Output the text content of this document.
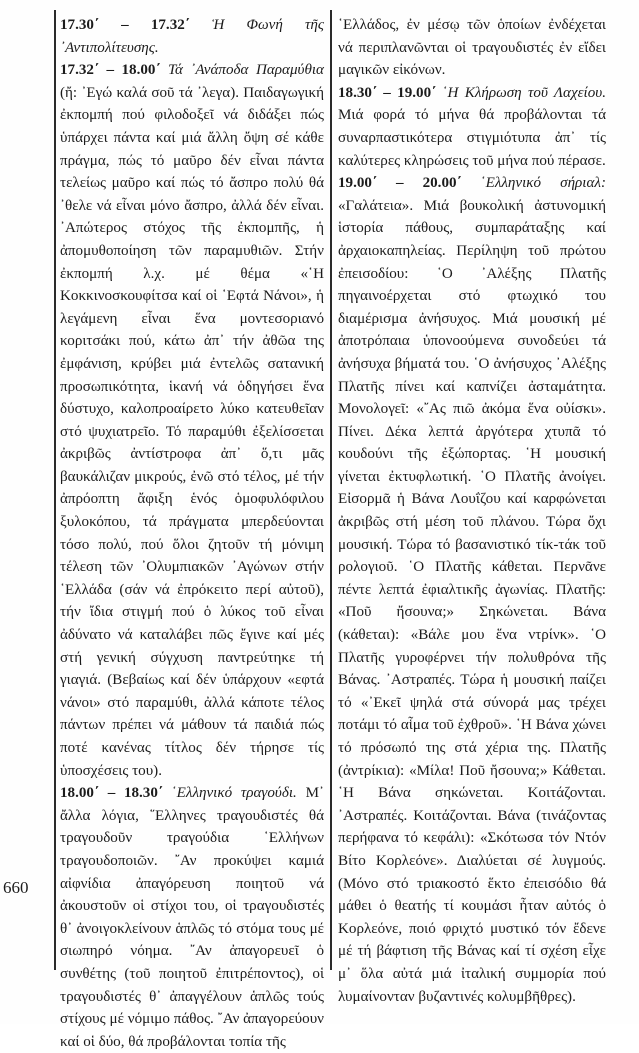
660

17.30΄ – 17.32΄ Ἡ Φωνή τῆς ᾿Αντιπολίτευσης.

17.32΄ – 18.00΄ Τά ᾿Ανάποδα Παραμύθια (ἤ: ᾿Εγώ καλά σοῦ τά ᾿λεγα). Παιδαγωγική ἐκπομπή πού φιλοδοξεῖ νά διδάξει πώς ὑπάρχει πάντα καί μιά ἄλλη ὄψη σέ κάθε πράγμα, πώς τό μαῦρο δέν εἶναι πάντα τελείως μαῦρο καί πώς τό ἄσπρο πολύ θά ᾿θελε νά εἶναι μόνο ἄσπρο, ἀλλά δέν εἶναι. ᾿Απώτερος στόχος τῆς ἐκπομπῆς, ἡ ἀπομυθοποίηση τῶν παραμυθιῶν. Στήν ἐκπομπή λ.χ. μέ θέμα «῾Η Κοκκινοσκουφίτσα καί οἱ ῾Εφτά Νάνοι», ἡ λεγάμενη εἶναι ἕνα μοντεσοριανό κοριτσάκι πού, κάτω ἀπ᾿ τήν ἀθῶα της ἐμφάνιση, κρύβει μιά ἐντελῶς σατανική προσωπικότητα, ἱκανή νά ὁδηγήσει ἕνα δύστυχο, καλοπροαίρετο λύκο κατευθεῖαν στό ψυχιατρεῖο. Τό παραμύθι ἐξελίσσεται ἀκριβῶς ἀντίστροφα ἀπ᾿ ὅ,τι μᾶς βαυκάλιζαν μικρούς, ἐνῶ στό τέλος, μέ τήν ἀπρόοπτη ἄφιξη ἑνός ὁμοφυλόφιλου ξυλοκόπου, τά πράγματα μπερδεύονται τόσο πολύ, πού ὅλοι ζητοῦν τή μόνιμη τέλεση τῶν ᾿Ολυμπιακῶν ᾿Αγώνων στήν ῾Ελλάδα (σάν νά ἐπρόκειτο περί αὐτοῦ), τήν ἴδια στιγμή πού ὁ λύκος τοῦ εἶναι ἀδύνατο νά καταλάβει πῶς ἔγινε καί μές στή γενική σύγχυση παντρεύτηκε τή γιαγιά. (Βεβαίως καί δέν ὑπάρχουν «εφτά νάνοι» στό παραμύθι, ἀλλά κάποτε τέλος πάντων πρέπει νά μάθουν τά παιδιά πώς ποτέ κανένας τίτλος δέν τήρησε τίς ὑποσχέσεις του).

18.00΄ – 18.30΄ ῾Ελληνικό τραγούδι. Μ᾿ ἄλλα λόγια, ῞Ελληνες τραγουδιστές θά τραγουδοῦν τραγούδια ῾Ελλήνων τραγουδοποιῶν. ῎Αν προκύψει καμιά αἰφνίδια ἀπαγόρευση ποιητοῦ νά ἀκουστοῦν οἱ στίχοι του, οἱ τραγουδιστές θ᾿ ἀνοιγοκλείνουν ἁπλῶς τό στόμα τους μέ σιωπηρό νόημα. ῎Αν ἀπαγορευεῖ ὁ συνθέτης (τοῦ ποιητοῦ ἐπιτρέποντος), οἱ τραγουδιστές θ᾿ ἀπαγγέλουν ἁπλῶς τούς στίχους μέ νόμιμο πάθος. ῎Αν ἀπαγορεύουν καί οἱ δύο, θά προβάλονται τοπία τῆς

῾Ελλάδος, ἐν μέσῳ τῶν ὁποίων ἐνδέχεται νά περιπλανῶνται οἱ τραγουδιστές ἐν εἴδει μαγικῶν εἰκόνων.

18.30΄ – 19.00΄ ῾Η Κλήρωση τοῦ Λαχείου. Μιά φορά τό μήνα θά προβάλονται τά συναρπαστικότερα στιγμιότυπα ἀπ᾿ τίς καλύτερες κληρώσεις τοῦ μήνα πού πέρασε.

19.00΄ – 20.00΄ ῾Ελληνικό σήριαλ: «Γαλάτεια». Μιά βουκολική ἀστυνομική ἱστορία πάθους, συμπαράταξης καί ἀρχαιοκαπηλείας. Περίληψη τοῦ πρώτου ἐπεισοδίου: ῾Ο ᾿Αλέξης Πλατῆς πηγαινοέρχεται στό φτωχικό του διαμέρισμα ἀνήσυχος. Μιά μουσική μέ ἀποτρόπαια ὑπονοούμενα συνοδεύει τά ἀνήσυχα βήματά του. ῾Ο ἀνήσυχος ᾿Αλέξης Πλατῆς πίνει καί καπνίζει ἀσταμάτητα. Μονολογεῖ: «῎Ας πιῶ ἀκόμα ἕνα οὐίσκι». Πίνει. Δέκα λεπτά ἀργότερα χτυπᾶ τό κουδούνι τῆς ἐξώπορτας. ῾Η μουσική γίνεται ἐκτυφλωτική. ῾Ο Πλατῆς ἀνοίγει. Εἰσορμᾶ ἡ Βάνα Λουΐζου καί καρφώνεται ἀκριβῶς στή μέση τοῦ πλάνου. Τώρα ὄχι μουσική. Τώρα τό βασανιστικό τίκ-τάκ τοῦ ρολογιοῦ. ῾Ο Πλατῆς κάθεται. Περνᾶνε πέντε λεπτά ἐφιαλτικῆς ἀγωνίας. Πλατῆς: «Ποῦ ἤσουνα;» Σηκώνεται. Βάνα (κάθεται): «Βάλε μου ἕνα ντρίνκ». ῾Ο Πλατῆς γυροφέρνει τήν πολυθρόνα τῆς Βάνας. ᾿Αστραπές. Τώρα ἡ μουσική παίζει τό «᾿Εκεῖ ψηλά στά σύνορά μας τρέχει ποτάμι τό αἷμα τοῦ ἐχθροῦ». ῾Η Βάνα χώνει τό πρόσωπό της στά χέρια της. Πλατῆς (ἀντρίκια): «Μίλα! Ποῦ ἤσουνα;» Κάθεται. ῾Η Βάνα σηκώνεται. Κοιτάζονται. ᾿Αστραπές. Κοιτάζονται. Βάνα (τινάζοντας περήφανα τό κεφάλι): «Σκότωσα τόν Ντόν Βίτο Κορλεόνε». Διαλύεται σέ λυγμούς. (Μόνο στό τριακοστό ἕκτο ἐπεισόδιο θά μάθει ὁ θεατής τί κουμάσι ἦταν αὐτός ὁ Κορλεόνε, ποιό φριχτό μυστικό τόν ἔδενε μέ τή βάφτιση τῆς Βάνας καί τί σχέση εἶχε μ᾿ ὅλα αὐτά μιά ἰταλική συμμορία πού λυμαίνονταν βυζαντινές κολυμβῆθρες).
